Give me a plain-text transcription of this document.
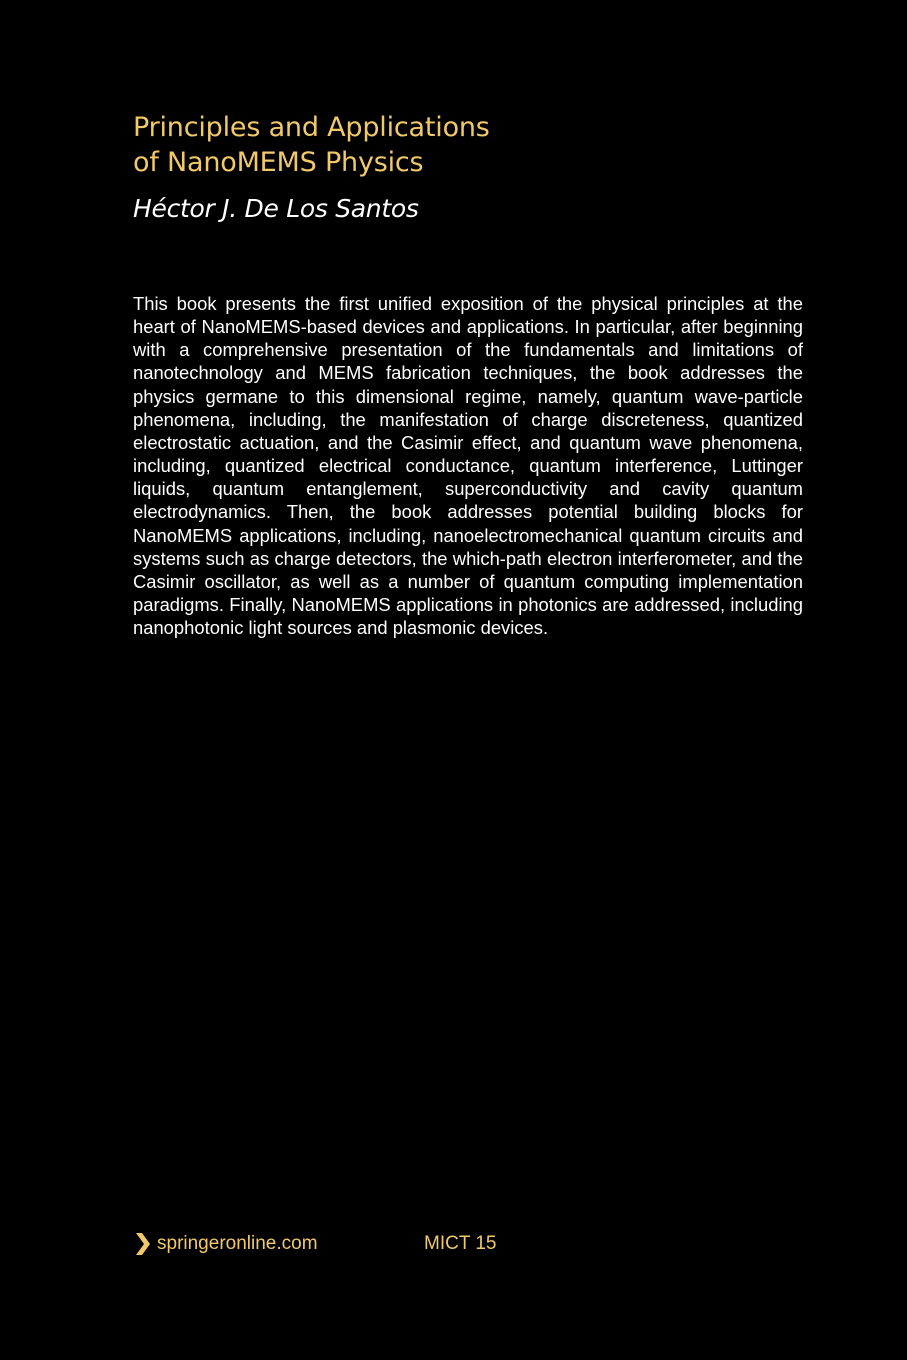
Principles and Applications
of NanoMEMS Physics
Héctor J. De Los Santos

This book presents the first unified exposition of the physical principles at the heart of NanoMEMS-based devices and applications. In particular, after beginning with a comprehensive presentation of the fundamentals and limitations of nanotechnology and MEMS fabrication techniques, the book addresses the physics germane to this dimensional regime, namely, quantum wave-particle phenomena, including, the manifestation of charge discreteness, quantized electrostatic actuation, and the Casimir effect, and quantum wave phenomena, including, quantized electrical conductance, quantum interference, Luttinger liquids, quantum entanglement, superconductivity and cavity quantum electrodynamics. Then, the book addresses potential building blocks for NanoMEMS applications, including, nanoelectromechanical quantum circuits and systems such as charge detectors, the which-path electron interferometer, and the Casimir oscillator, as well as a number of quantum computing implementation paradigms. Finally, NanoMEMS applications in photonics are addressed, including nanophotonic light sources and plasmonic devices.

springeronline.com	MICT 15
